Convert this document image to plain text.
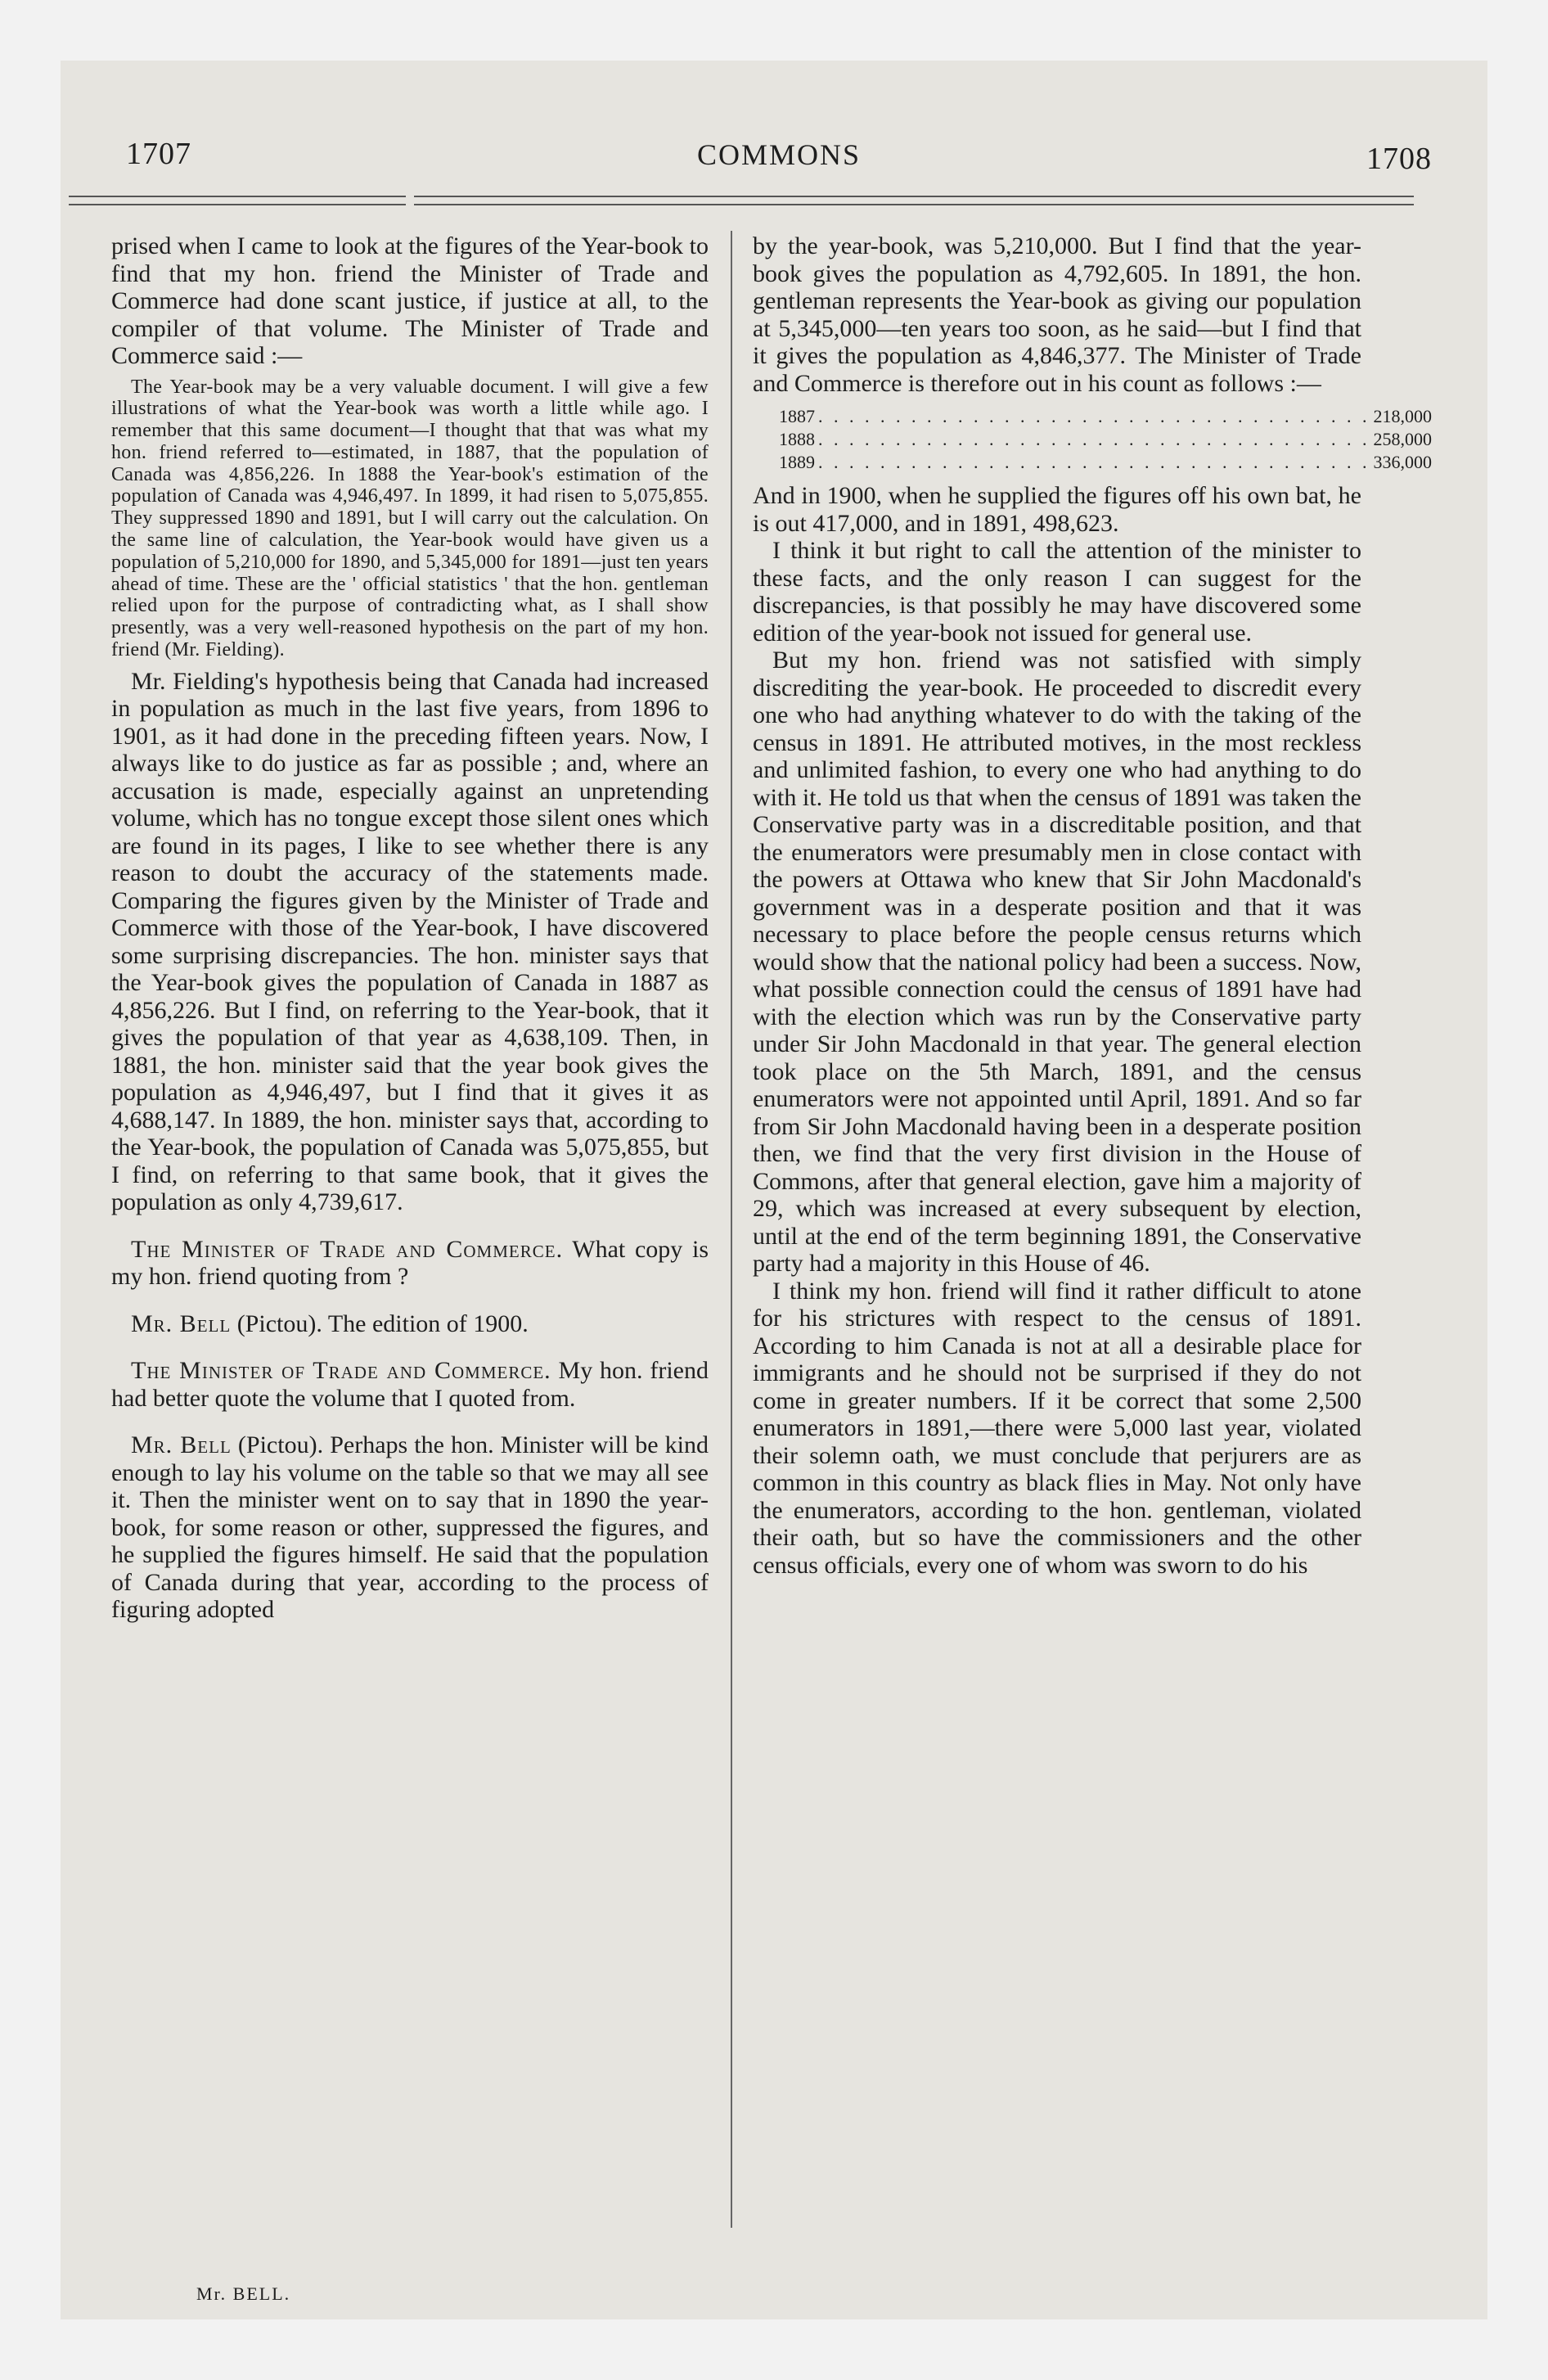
1707	COMMONS	1708

prised when I came to look at the figures of the Year-book to find that my hon. friend the Minister of Trade and Commerce had done scant justice, if justice at all, to the compiler of that volume. The Minister of Trade and Commerce said :—

The Year-book may be a very valuable document. I will give a few illustrations of what the Year-book was worth a little while ago. I remember that this same document—I thought that that was what my hon. friend referred to—estimated, in 1887, that the population of Canada was 4,856,226. In 1888 the Year-book's estimation of the population of Canada was 4,946,497. In 1899, it had risen to 5,075,855. They suppressed 1890 and 1891, but I will carry out the calculation. On the same line of calculation, the Year-book would have given us a population of 5,210,000 for 1890, and 5,345,000 for 1891—just ten years ahead of time. These are the ' official statistics ' that the hon. gentleman relied upon for the purpose of contradicting what, as I shall show presently, was a very well-reasoned hypothesis on the part of my hon. friend (Mr. Fielding).

Mr. Fielding's hypothesis being that Canada had increased in population as much in the last five years, from 1896 to 1901, as it had done in the preceding fifteen years. Now, I always like to do justice as far as possible ; and, where an accusation is made, especially against an unpretending volume, which has no tongue except those silent ones which are found in its pages, I like to see whether there is any reason to doubt the accuracy of the statements made. Comparing the figures given by the Minister of Trade and Commerce with those of the Year-book, I have discovered some surprising discrepancies. The hon. minister says that the Year-book gives the population of Canada in 1887 as 4,856,226. But I find, on referring to the Year-book, that it gives the population of that year as 4,638,109. Then, in 1881, the hon. minister said that the year book gives the population as 4,946,497, but I find that it gives it as 4,688,147. In 1889, the hon. minister says that, according to the Year-book, the population of Canada was 5,075,855, but I find, on referring to that same book, that it gives the population as only 4,739,617.

The Minister of Trade and Commerce. What copy is my hon. friend quoting from ?

Mr. Bell (Pictou). The edition of 1900.

The Minister of Trade and Commerce. My hon. friend had better quote the volume that I quoted from.

Mr. Bell (Pictou). Perhaps the hon. Minister will be kind enough to lay his volume on the table so that we may all see it. Then the minister went on to say that in 1890 the year-book, for some reason or other, suppressed the figures, and he supplied the figures himself. He said that the population of Canada during that year, according to the process of figuring adopted

by the year-book, was 5,210,000. But I find that the year-book gives the population as 4,792,605. In 1891, the hon. gentleman represents the Year-book as giving our population at 5,345,000—ten years too soon, as he said—but I find that it gives the population as 4,846,377. The Minister of Trade and Commerce is therefore out in his count as follows :—

1887 . . . . . . . . . . . . . . . . . . . . . . . . . . . . . . . . . . . . 218,000
1888 . . . . . . . . . . . . . . . . . . . . . . . . . . . . . . . . . . . . 258,000
1889 . . . . . . . . . . . . . . . . . . . . . . . . . . . . . . . . . . . . 336,000

And in 1900, when he supplied the figures off his own bat, he is out 417,000, and in 1891, 498,623.

I think it but right to call the attention of the minister to these facts, and the only reason I can suggest for the discrepancies, is that possibly he may have discovered some edition of the year-book not issued for general use.

But my hon. friend was not satisfied with simply discrediting the year-book. He proceeded to discredit every one who had anything whatever to do with the taking of the census in 1891. He attributed motives, in the most reckless and unlimited fashion, to every one who had anything to do with it. He told us that when the census of 1891 was taken the Conservative party was in a discreditable position, and that the enumerators were presumably men in close contact with the powers at Ottawa who knew that Sir John Macdonald's government was in a desperate position and that it was necessary to place before the people census returns which would show that the national policy had been a success. Now, what possible connection could the census of 1891 have had with the election which was run by the Conservative party under Sir John Macdonald in that year. The general election took place on the 5th March, 1891, and the census enumerators were not appointed until April, 1891. And so far from Sir John Macdonald having been in a desperate position then, we find that the very first division in the House of Commons, after that general election, gave him a majority of 29, which was increased at every subsequent by election, until at the end of the term beginning 1891, the Conservative party had a majority in this House of 46.

I think my hon. friend will find it rather difficult to atone for his strictures with respect to the census of 1891. According to him Canada is not at all a desirable place for immigrants and he should not be surprised if they do not come in greater numbers. If it be correct that some 2,500 enumerators in 1891,—there were 5,000 last year, violated their solemn oath, we must conclude that perjurers are as common in this country as black flies in May. Not only have the enumerators, according to the hon. gentleman, violated their oath, but so have the commissioners and the other census officials, every one of whom was sworn to do his

Mr. BELL.
